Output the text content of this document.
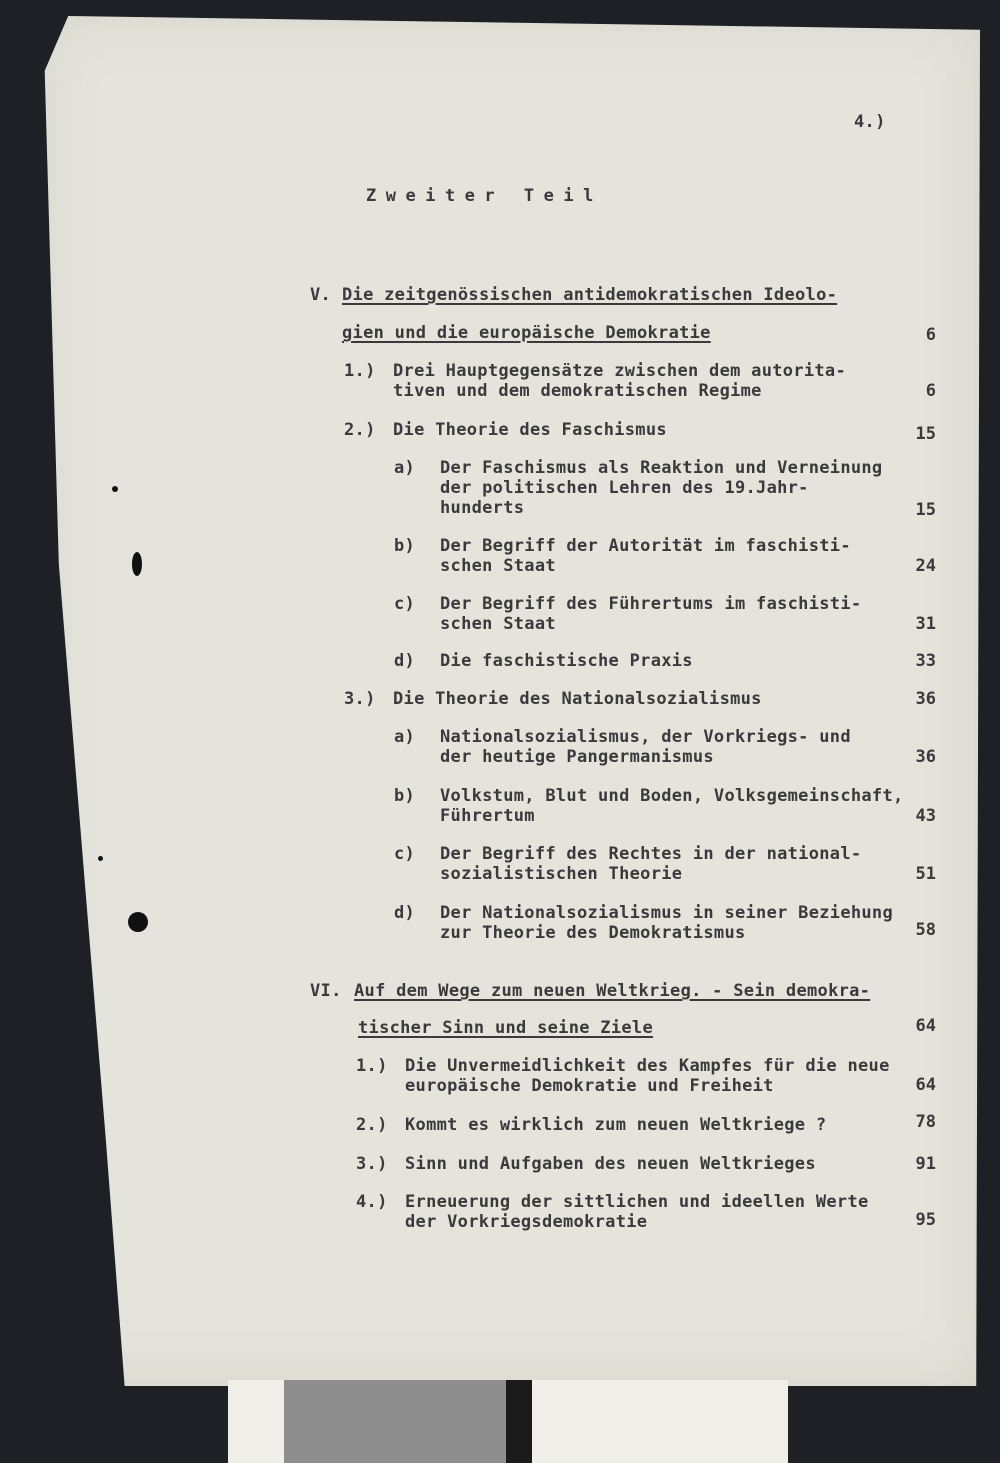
4.)
Zweiter Teil
V. Die zeitgenössischen antidemokratischen Ideolo-
gien und die europäische Demokratie	6
1.) Drei Hauptgegensätze zwischen dem autorita-
tiven und dem demokratischen Regime	6
2.) Die Theorie des Faschismus	15
a) Der Faschismus als Reaktion und Verneinung
der politischen Lehren des 19.Jahr-
hunderts	15
b) Der Begriff der Autorität im faschisti-
schen Staat	24
c) Der Begriff des Führertums im faschisti-
schen Staat	31
d) Die faschistische Praxis	33
3.) Die Theorie des Nationalsozialismus	36
a) Nationalsozialismus, der Vorkriegs- und
der heutige Pangermanismus	36
b) Volkstum, Blut und Boden, Volksgemeinschaft,
Führertum	43
c) Der Begriff des Rechtes in der national-
sozialistischen Theorie	51
d) Der Nationalsozialismus in seiner Beziehung
zur Theorie des Demokratismus	58
VI. Auf dem Wege zum neuen Weltkrieg. - Sein demokra-
tischer Sinn und seine Ziele	64
1.) Die Unvermeidlichkeit des Kampfes für die neue
europäische Demokratie und Freiheit	64
2.) Kommt es wirklich zum neuen Weltkriege ?	78
3.) Sinn und Aufgaben des neuen Weltkrieges	91
4.) Erneuerung der sittlichen und ideellen Werte
der Vorkriegsdemokratie	95
